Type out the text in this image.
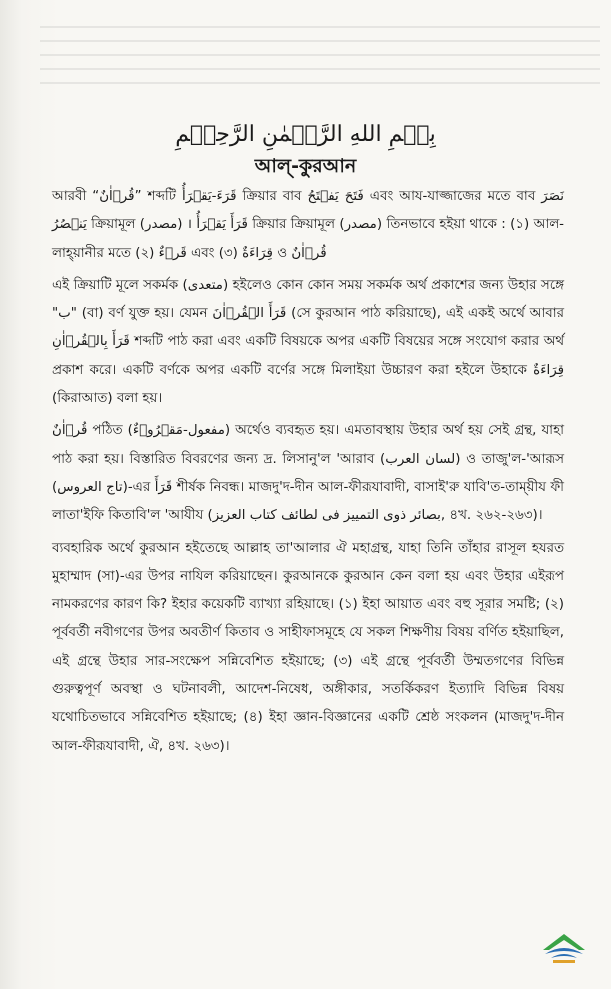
بِسۡمِ اللهِ الرَّحۡمٰنِ الرَّحِيۡمِ
আল্-কুরআন

আরবী “قُرۡاٰنٌ” শব্দটি قَرَءَ-يَقۡرَأُ ক্রিয়ার বাব فَتَحَ يَفۡتَحُ এবং আয-যাজ্জাজের মতে বাব نَصَرَ يَنۡصُرُ ক্রিয়ামূল (مصدر) । قَرَأَ يَقۡرَأُ ক্রিয়ার ক্রিয়ামূল (مصدر) তিনভাবে হইয়া থাকে : (১) আল-লাহ্‌য়ানীর মতে (২) قَرۡءٌ এবং (৩) قِرَاءَةٌ ও قُرۡاٰنٌ

এই ক্রিয়াটি মূলে সকর্মক (متعدى) হইলেও কোন কোন সময় সকর্মক অর্থ প্রকাশের জন্য উহার সঙ্গে "ب" (বা) বর্ণ যুক্ত হয়। যেমন قَرَأَ الۡقُرۡاٰنَ (সে কুরআন পাঠ করিয়াছে), এই একই অর্থে আবার قَرَأَ بِالۡقُرۡاٰنِ শব্দটি পাঠ করা এবং একটি বিষয়কে অপর একটি বিষয়ের সঙ্গে সংযোগ করার অর্থ প্রকাশ করে। একটি বর্ণকে অপর একটি বর্ণের সঙ্গে মিলাইয়া উচ্চারণ করা হইলে উহাকে قِرَاءَةٌ (কিরাআত) বলা হয়।

قُرۡاٰنٌ পঠিত (مفعول-مَقۡرُوۡءٌ) অর্থেও ব্যবহৃত হয়। এমতাবস্থায় উহার অর্থ হয় সেই গ্রন্থ, যাহা পাঠ করা হয়। বিস্তারিত বিবরণের জন্য দ্র. লিসানু'ল 'আরাব (لسان العرب) ও তাজু'ল-'আরূস (تاج العروس)-এর قَرَأَ শীর্ষক নিবন্ধ। মাজদু'দ-দীন আল-ফীরূযাবাদী, বাসাই'রু যাবি'ত-তাম্‌য়ীয ফী লাতা'ইফি কিতাবি'ল 'আযীয (بصائر ذوى التمييز فى لطائف كتاب العزيز, ৪খ. ২৬২-২৬৩)।

ব্যবহারিক অর্থে কুরআন হইতেছে আল্লাহ তা'আলার ঐ মহাগ্রন্থ, যাহা তিনি তাঁহার রাসূল হযরত মুহাম্মাদ (সা)-এর উপর নাযিল করিয়াছেন। কুরআনকে কুরআন কেন বলা হয় এবং উহার এইরূপ নামকরণের কারণ কি? ইহার কয়েকটি ব্যাখ্যা রহিয়াছে। (১) ইহা আয়াত এবং বহু সূরার সমষ্টি; (২) পূর্ববর্তী নবীগণের উপর অবতীর্ণ কিতাব ও সাহীফাসমূহে যে সকল শিক্ষণীয় বিষয় বর্ণিত হইয়াছিল, এই গ্রন্থে উহার সার-সংক্ষেপ সন্নিবেশিত হইয়াছে; (৩) এই গ্রন্থে পূর্ববর্তী উম্মতগণের বিভিন্ন গুরুত্বপূর্ণ অবস্থা ও ঘটনাবলী, আদেশ-নিষেধ, অঙ্গীকার, সতর্কিকরণ ইত্যাদি বিভিন্ন বিষয় যথোচিতভাবে সন্নিবেশিত হইয়াছে; (৪) ইহা জ্ঞান-বিজ্ঞানের একটি শ্রেষ্ঠ সংকলন (মাজদু'দ-দীন আল-ফীরূযাবাদী, ঐ, ৪খ. ২৬৩)।
